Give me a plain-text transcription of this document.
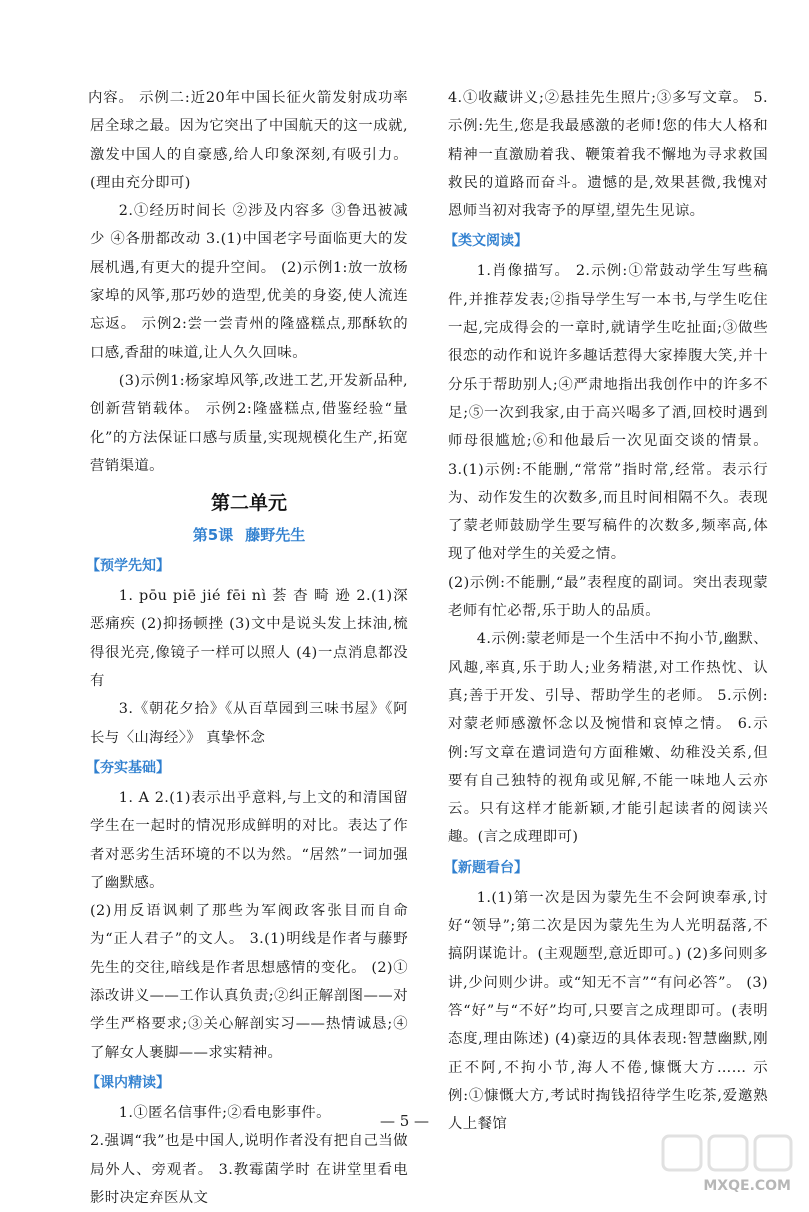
内容。 示例二:近20年中国长征火箭发射成功率居全球之最。因为它突出了中国航天的这一成就,激发中国人的自豪感,给人印象深刻,有吸引力。(理由充分即可)

2.①经历时间长 ②涉及内容多 ③鲁迅被减少 ④各册都改动 3.(1)中国老字号面临更大的发展机遇,有更大的提升空间。 (2)示例1:放一放杨家埠的风筝,那巧妙的造型,优美的身姿,使人流连忘返。 示例2:尝一尝青州的隆盛糕点,那酥软的口感,香甜的味道,让人久久回味。

(3)示例1:杨家埠风筝,改进工艺,开发新品种,创新营销载体。 示例2:隆盛糕点,借鉴经验“量化”的方法保证口感与质量,实现规模化生产,拓宽营销渠道。

第二单元
第5课 藤野先生
【预学先知】

1. pōu piē jié fēi nì 荟 杳 畸 逊 2.(1)深恶痛疾 (2)抑扬顿挫 (3)文中是说头发上抹油,梳得很光亮,像镜子一样可以照人 (4)一点消息都没有

3.《朝花夕拾》《从百草园到三味书屋》《阿长与〈山海经〉》 真挚怀念

【夯实基础】

1. A 2.(1)表示出乎意料,与上文的和清国留学生在一起时的情况形成鲜明的对比。表达了作者对恶劣生活环境的不以为然。“居然”一词加强了幽默感。

(2)用反语讽刺了那些为军阀政客张目而自命为“正人君子”的文人。 3.(1)明线是作者与藤野先生的交往,暗线是作者思想感情的变化。 (2)①添改讲义——工作认真负责;②纠正解剖图——对学生严格要求;③关心解剖实习——热情诚恳;④了解女人裹脚——求实精神。

【课内精读】

1.①匿名信事件;②看电影事件。

2.强调“我”也是中国人,说明作者没有把自己当做局外人、旁观者。 3.教霉菌学时 在讲堂里看电影时决定弃医从文

4.①收藏讲义;②悬挂先生照片;③多写文章。 5.示例:先生,您是我最感激的老师!您的伟大人格和精神一直激励着我、鞭策着我不懈地为寻求救国救民的道路而奋斗。遗憾的是,效果甚微,我愧对恩师当初对我寄予的厚望,望先生见谅。

【类文阅读】

1.肖像描写。 2.示例:①常鼓动学生写些稿件,并推荐发表;②指导学生写一本书,与学生吃住一起,完成得会的一章时,就请学生吃扯面;③做些很恋的动作和说许多趣话惹得大家捧腹大笑,并十分乐于帮助别人;④严肃地指出我创作中的许多不足;⑤一次到我家,由于高兴喝多了酒,回校时遇到师母很尴尬;⑥和他最后一次见面交谈的情景。 3.(1)示例:不能删,“常常”指时常,经常。表示行为、动作发生的次数多,而且时间相隔不久。表现了蒙老师鼓励学生要写稿件的次数多,频率高,体现了他对学生的关爱之情。

(2)示例:不能删,“最”表程度的副词。突出表现蒙老师有忙必帮,乐于助人的品质。

4.示例:蒙老师是一个生活中不拘小节,幽默、风趣,率真,乐于助人;业务精湛,对工作热忱、认真;善于开发、引导、帮助学生的老师。 5.示例:对蒙老师感激怀念以及惋惜和哀悼之情。 6.示例:写文章在遣词造句方面稚嫩、幼稚没关系,但要有自己独特的视角或见解,不能一味地人云亦云。只有这样才能新颖,才能引起读者的阅读兴趣。(言之成理即可)

【新题看台】

1.(1)第一次是因为蒙先生不会阿谀奉承,讨好“领导”;第二次是因为蒙先生为人光明磊落,不搞阴谋诡计。(主观题型,意近即可。) (2)多问则多讲,少问则少讲。或“知无不言”“有问必答”。 (3)答“好”与“不好”均可,只要言之成理即可。(表明态度,理由陈述) (4)豪迈的具体表现:智慧幽默,刚正不阿,不拘小节,海人不倦,慷慨大方…… 示例:①慷慨大方,考试时掏钱招待学生吃茶,爱邀熟人上餐馆

— 5 —
MXQE.COM
